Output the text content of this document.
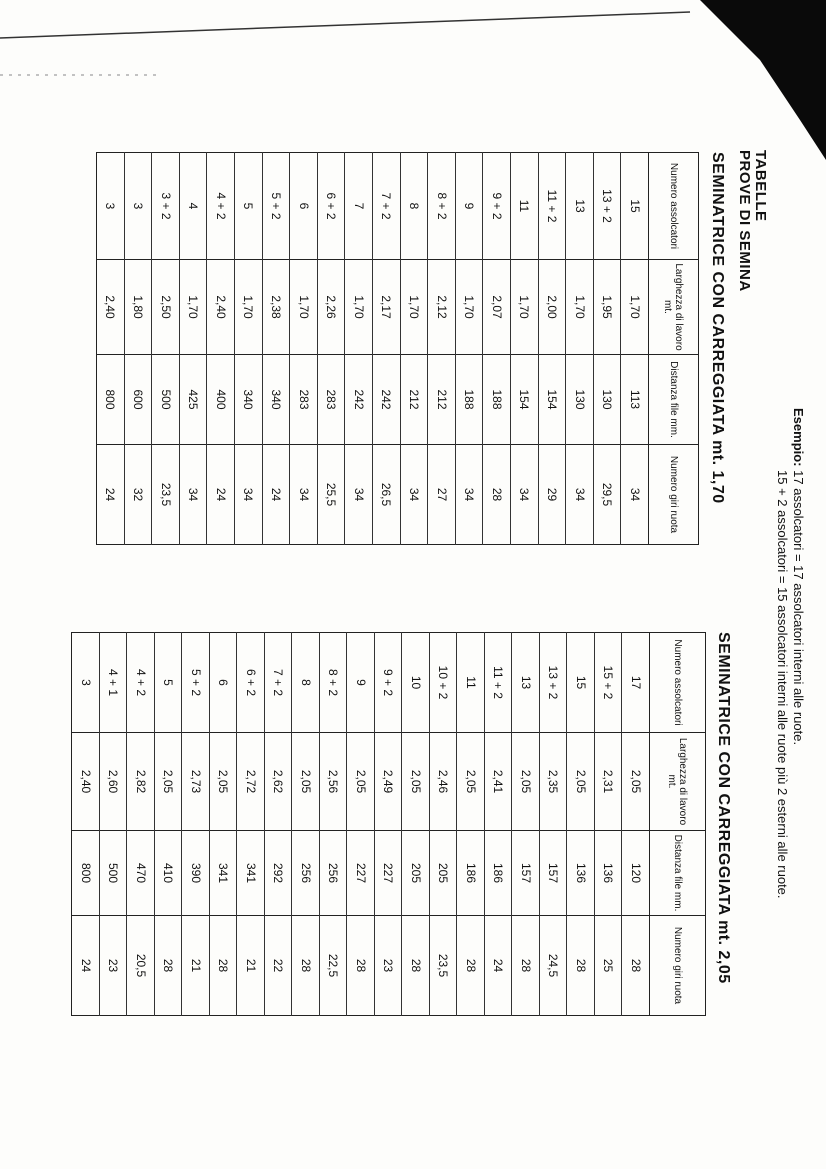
TABELLE
PROVE DI SEMINA
Esempio: 17 assolcatori = 17 assolcatori interni alle ruote.
15 + 2 assolcatori = 15 assolcatori interni alle ruote più 2 esterni alle ruote.
SEMINATRICE CON CARREGGIATA mt. 1,70
SEMINATRICE CON CARREGGIATA mt. 2,05
Numero assolcatori	Larghezza di lavoro mt.	Distanza file mm.	Numero giri ruota
15	1,70	113	34
13 + 2	1,95	130	29,5
13	1,70	130	34
11 + 2	2,00	154	29
11	1,70	154	34
9 + 2	2,07	188	28
9	1,70	188	34
8 + 2	2,12	212	27
8	1,70	212	34
7 + 2	2,17	242	26,5
7	1,70	242	34
6 + 2	2,26	283	25,5
6	1,70	283	34
5 + 2	2,38	340	24
5	1,70	340	34
4 + 2	2,40	400	24
4	1,70	425	34
3 + 2	2,50	500	23,5
3	1,80	600	32
3	2,40	800	24
Numero assolcatori	Larghezza di lavoro mt.	Distanza file mm.	Numero giri ruota
17	2,05	120	28
15 + 2	2,31	136	25
15	2,05	136	28
13 + 2	2,35	157	24,5
13	2,05	157	28
11 + 2	2,41	186	24
11	2,05	186	28
10 + 2	2,46	205	23,5
10	2,05	205	28
9 + 2	2,49	227	23
9	2,05	227	28
8 + 2	2,56	256	22,5
8	2,05	256	28
7 + 2	2,62	292	22
6 + 2	2,72	341	21
6	2,05	341	28
5 + 2	2,73	390	21
5	2,05	410	28
4 + 2	2,82	470	20,5
4 + 1	2,60	500	23
3	2,40	800	24
